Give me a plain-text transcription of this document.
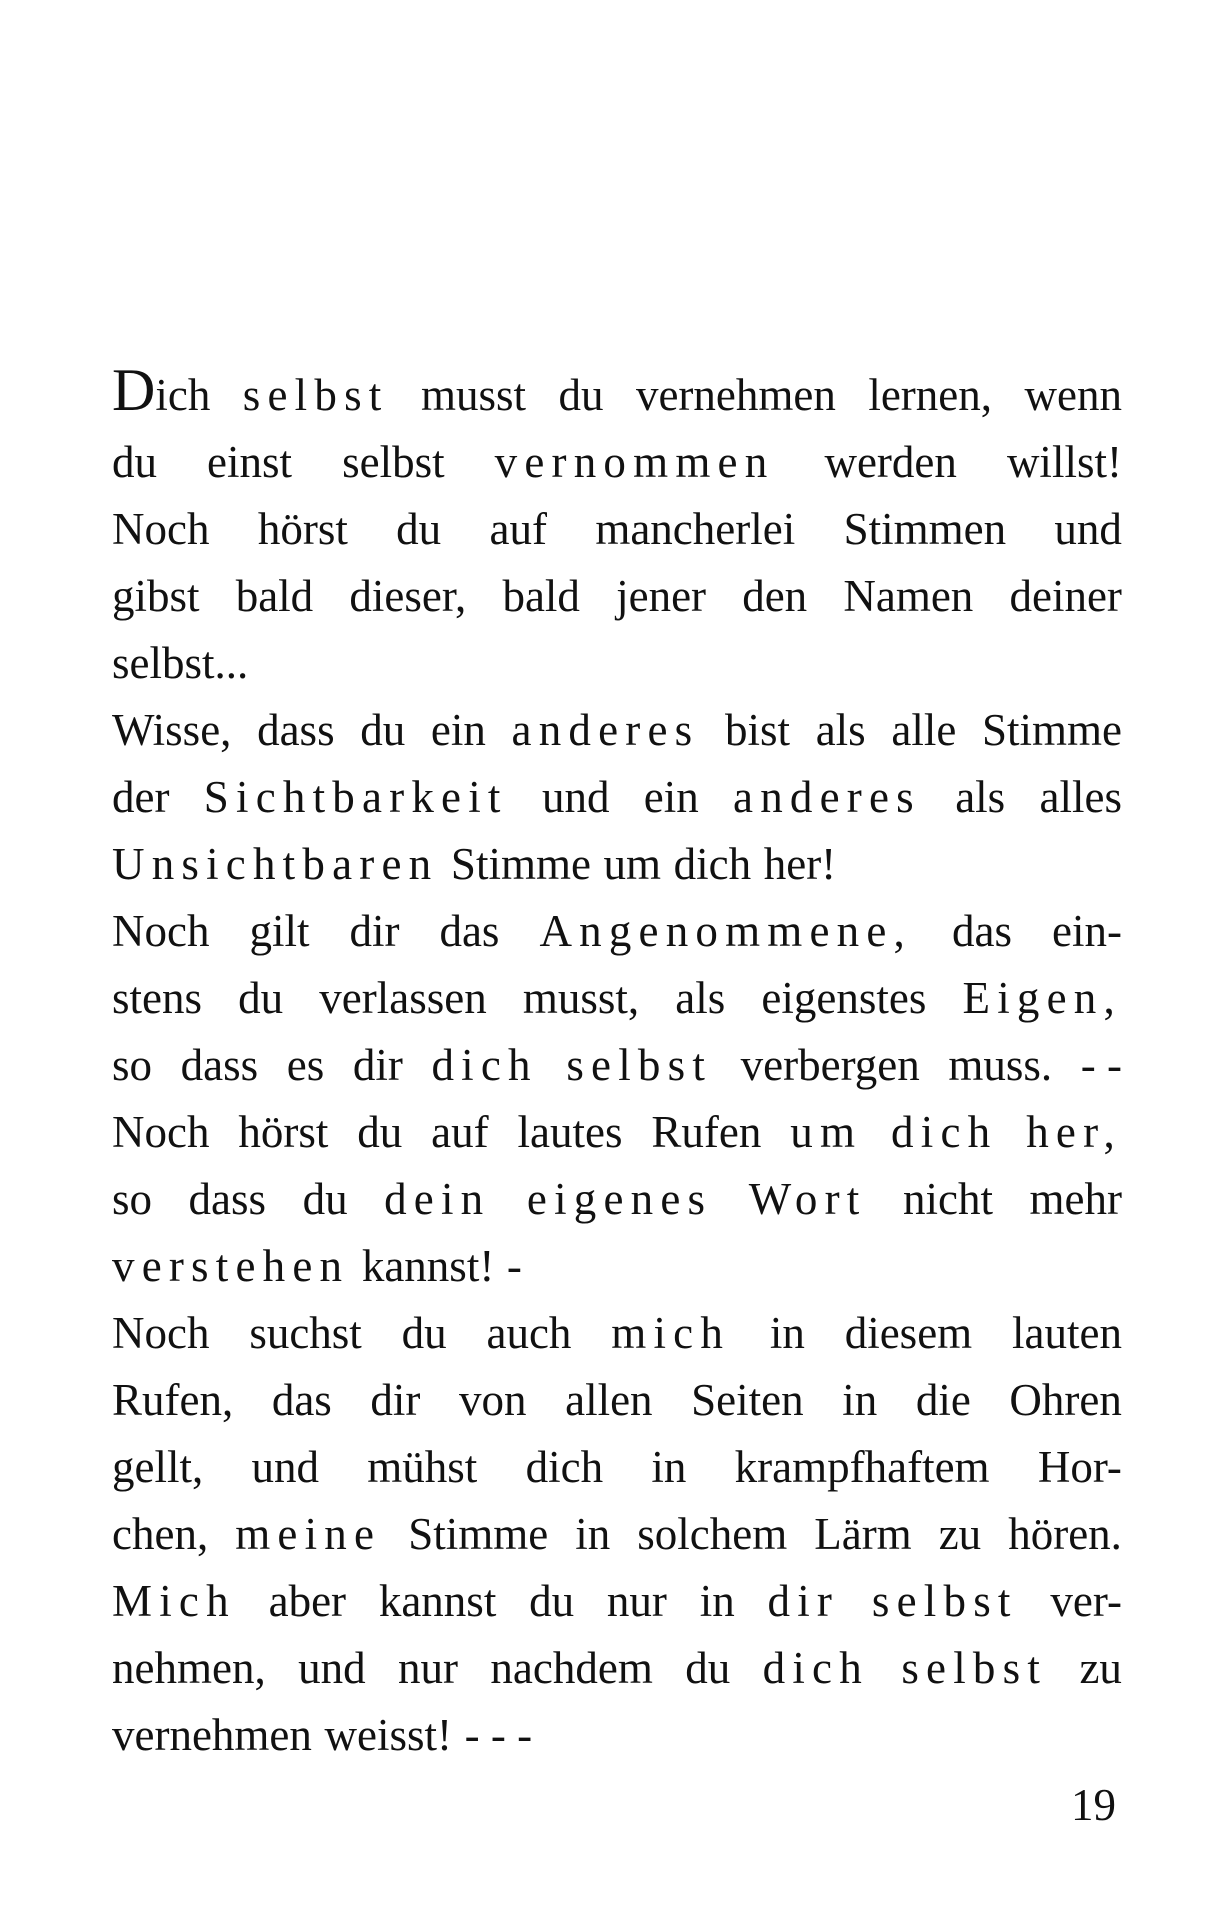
Dich selbst musst du vernehmen lernen, wenn
du einst selbst vernommen werden willst!
Noch hörst du auf mancherlei Stimmen und
gibst bald dieser, bald jener den Namen deiner
selbst...
Wisse, dass du ein anderes bist als alle Stimme
der Sichtbarkeit und ein anderes als alles
Unsichtbaren Stimme um dich her!
Noch gilt dir das Angenommene, das ein-
stens du verlassen musst, als eigenstes Eigen,
so dass es dir dich selbst verbergen muss. - -
Noch hörst du auf lautes Rufen um dich her,
so dass du dein eigenes Wort nicht mehr
verstehen kannst! -
Noch suchst du auch mich in diesem lauten
Rufen, das dir von allen Seiten in die Ohren
gellt, und mühst dich in krampfhaftem Hor-
chen, meine Stimme in solchem Lärm zu hören.
Mich aber kannst du nur in dir selbst ver-
nehmen, und nur nachdem du dich selbst zu
vernehmen weisst! - - -
19
